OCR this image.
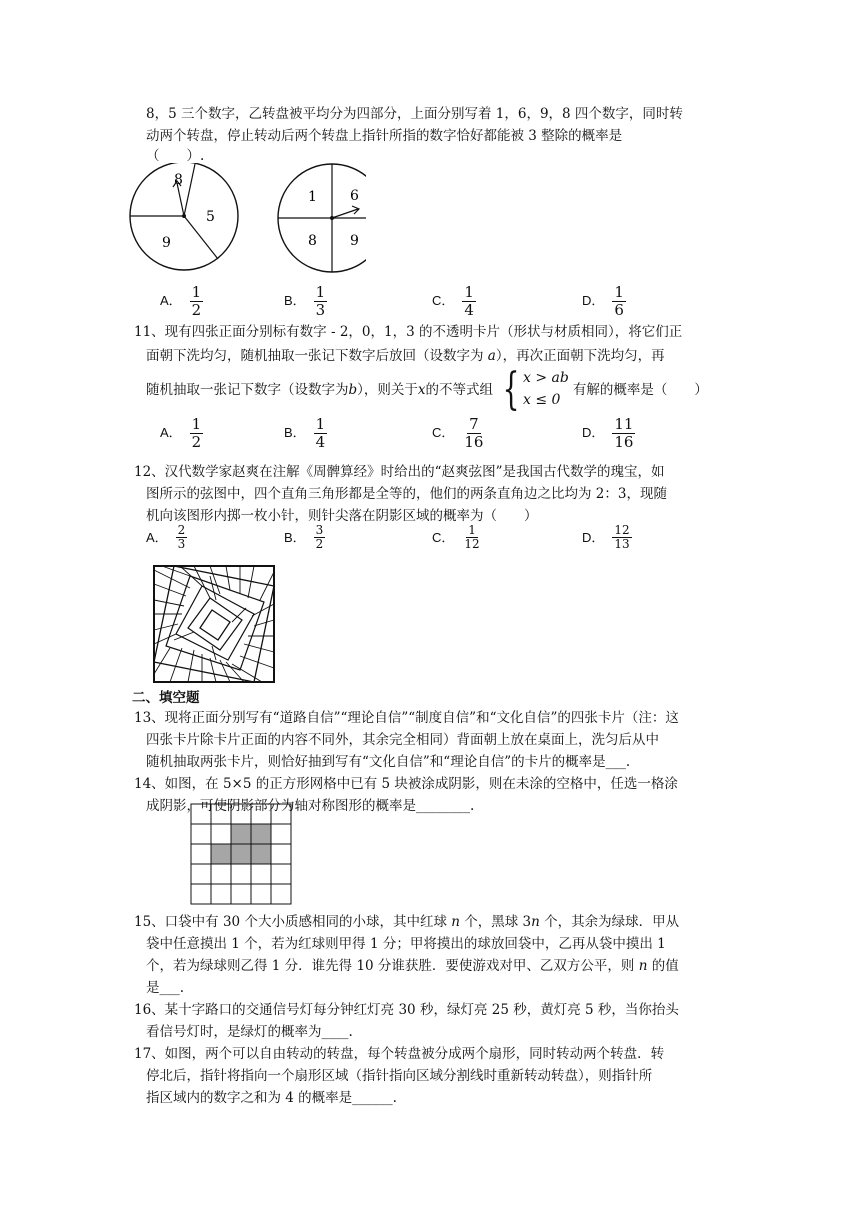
8，5 三个数字，乙转盘被平均分为四部分，上面分别写着 1，6，9，8 四个数字，同时转
动两个转盘，停止转动后两个转盘上指针所指的数字恰好都能被 3 整除的概率是
（　　）.
8
5
9
1 6
8 9
A． $\frac{1}{2}$	B． $\frac{1}{3}$	C． $\frac{1}{4}$	D． $\frac{1}{6}$
11、现有四张正面分别标有数字 - 2，0，1，3 的不透明卡片（形状与材质相同），将它们正
面朝下洗均匀，随机抽取一张记下数字后放回（设数字为 a），再次正面朝下洗均匀，再
随机抽取一张记下数字（设数字为 b ），则关于 x 的不等式组 { x > ab
x ≤ 0
有解的概率是（　　）
A． $\frac{1}{2}$	B． $\frac{1}{4}$	C． $\frac{7}{16}$	D． $\frac{11}{16}$
12、汉代数学家赵爽在注解《周髀算经》时给出的“赵爽弦图”是我国古代数学的瑰宝，如
图所示的弦图中，四个直角三角形都是全等的，他们的两条直角边之比均为 2：3，现随
机向该图形内掷一枚小针，则针尖落在阴影区域的概率为（　　）
A． $\frac{2}{3}$	B． $\frac{3}{2}$	C． $\frac{1}{12}$	D． $\frac{12}{13}$
二、填空题
13、现将正面分别写有“道路自信”“理论自信”“制度自信”和“文化自信”的四张卡片（注：这
四张卡片除卡片正面的内容不同外，其余完全相同）背面朝上放在桌面上，洗匀后从中
随机抽取两张卡片，则恰好抽到写有“文化自信”和“理论自信”的卡片的概率是___.
14、如图，在 5×5 的正方形网格中已有 5 块被涂成阴影，则在未涂的空格中，任选一格涂
成阴影，可使阴影部分为轴对称图形的概率是________.
15、口袋中有 30 个大小质感相同的小球，其中红球 n 个，黑球 3n 个，其余为绿球．甲从
袋中任意摸出 1 个，若为红球则甲得 1 分；甲将摸出的球放回袋中，乙再从袋中摸出 1
个，若为绿球则乙得 1 分．谁先得 10 分谁获胜．要使游戏对甲、乙双方公平，则 n 的值
是___.
16、某十字路口的交通信号灯每分钟红灯亮 30 秒，绿灯亮 25 秒，黄灯亮 5 秒，当你抬头
看信号灯时，是绿灯的概率为____.
17、如图，两个可以自由转动的转盘，每个转盘被分成两个扇形，同时转动两个转盘．转
停北后，指针将指向一个扇形区域（指针指向区域分割线时重新转动转盘），则指针所
指区域内的数字之和为 4 的概率是______.
